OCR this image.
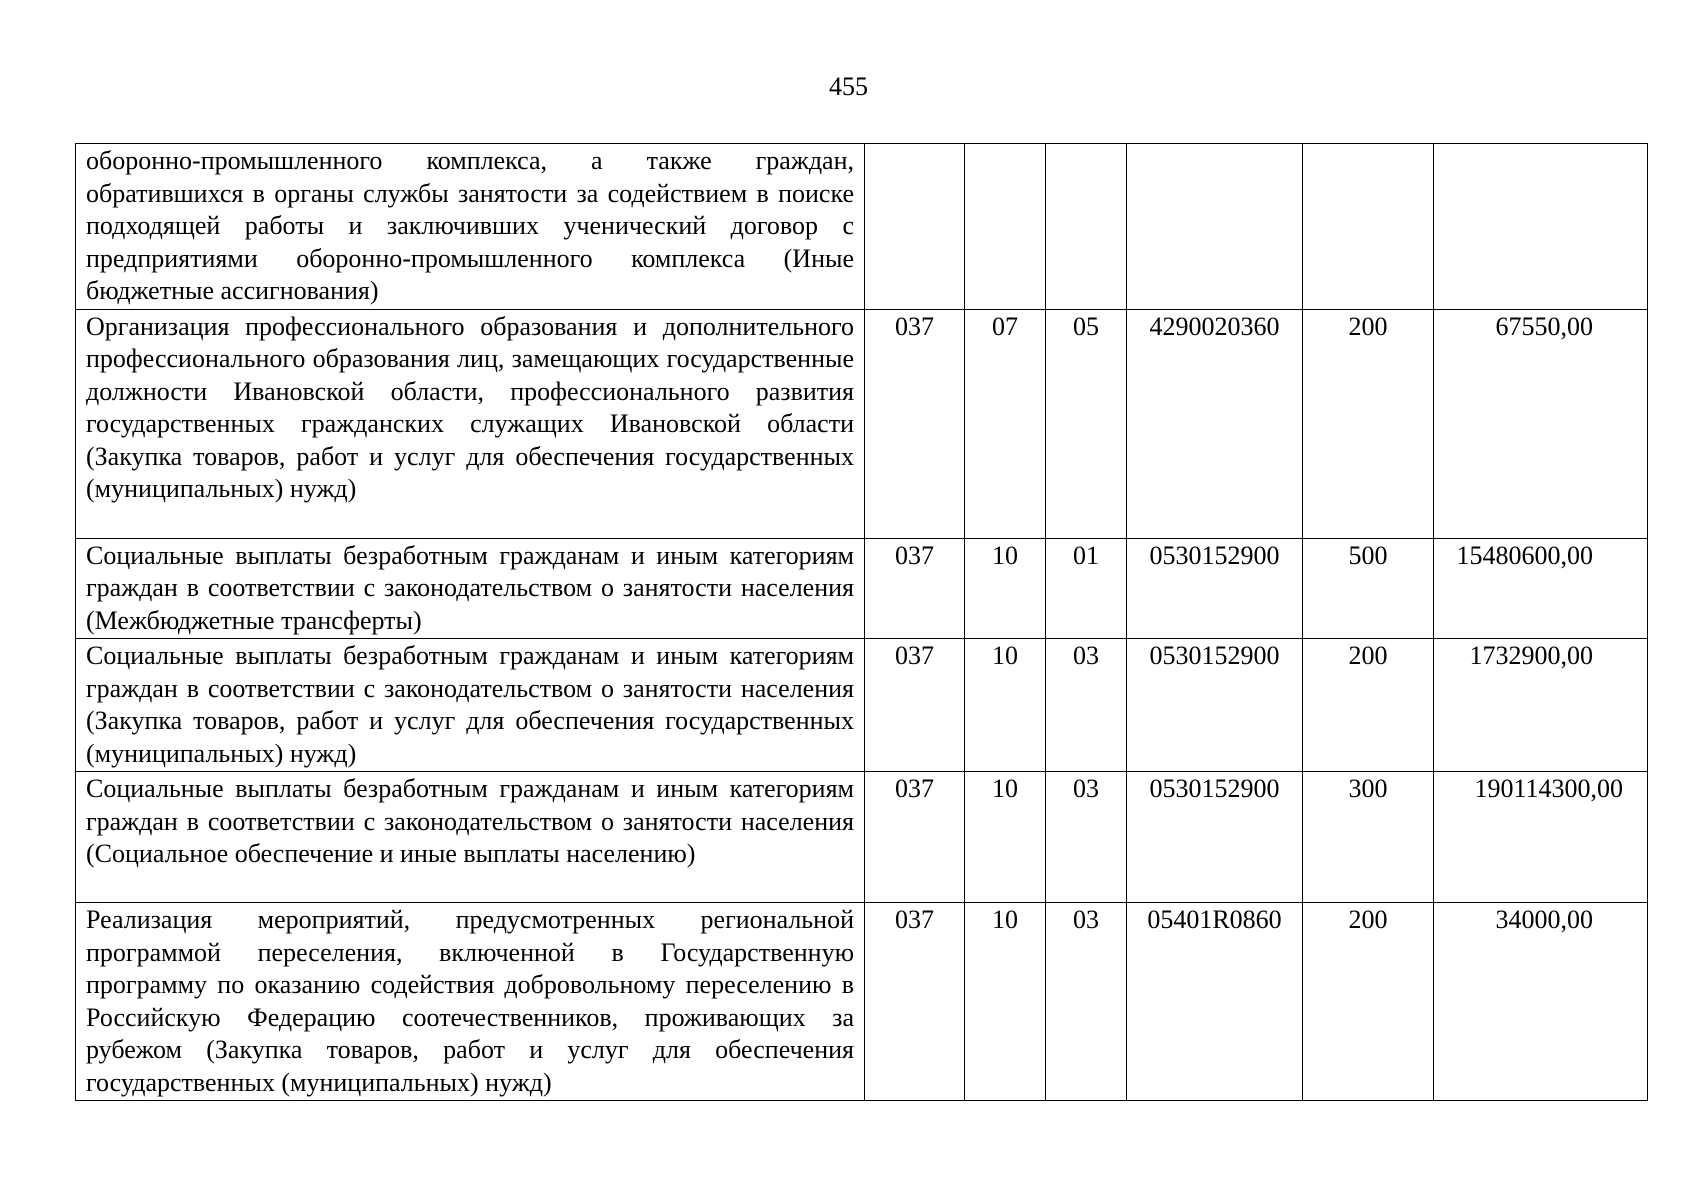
455
оборонно-промышленного комплекса, а также граждан, обратившихся в органы службы занятости за содействием в поиске подходящей работы и заключивших ученический договор с предприятиями оборонно-промышленного комплекса (Иные бюджетные ассигнования)						
Организация профессионального образования и дополнительного профессионального образования лиц, замещающих государственные должности Ивановской области, профессионального развития государственных гражданских служащих Ивановской области (Закупка товаров, работ и услуг для обеспечения государственных (муниципальных) нужд)	037	07	05	4290020360	200	67550,00
Социальные выплаты безработным гражданам и иным категориям граждан в соответствии с законодательством о занятости населения (Межбюджетные трансферты)	037	10	01	0530152900	500	15480600,00
Социальные выплаты безработным гражданам и иным категориям граждан в соответствии с законодательством о занятости населения (Закупка товаров, работ и услуг для обеспечения государственных (муниципальных) нужд)	037	10	03	0530152900	200	1732900,00
Социальные выплаты безработным гражданам и иным категориям граждан в соответствии с законодательством о занятости населения (Социальное обеспечение и иные выплаты населению)	037	10	03	0530152900	300	190114300,00
Реализация мероприятий, предусмотренных региональной программой переселения, включенной в Государственную программу по оказанию содействия добровольному переселению в Российскую Федерацию соотечественников, проживающих за рубежом (Закупка товаров, работ и услуг для обеспечения государственных (муниципальных) нужд)	037	10	03	05401R0860	200	34000,00
